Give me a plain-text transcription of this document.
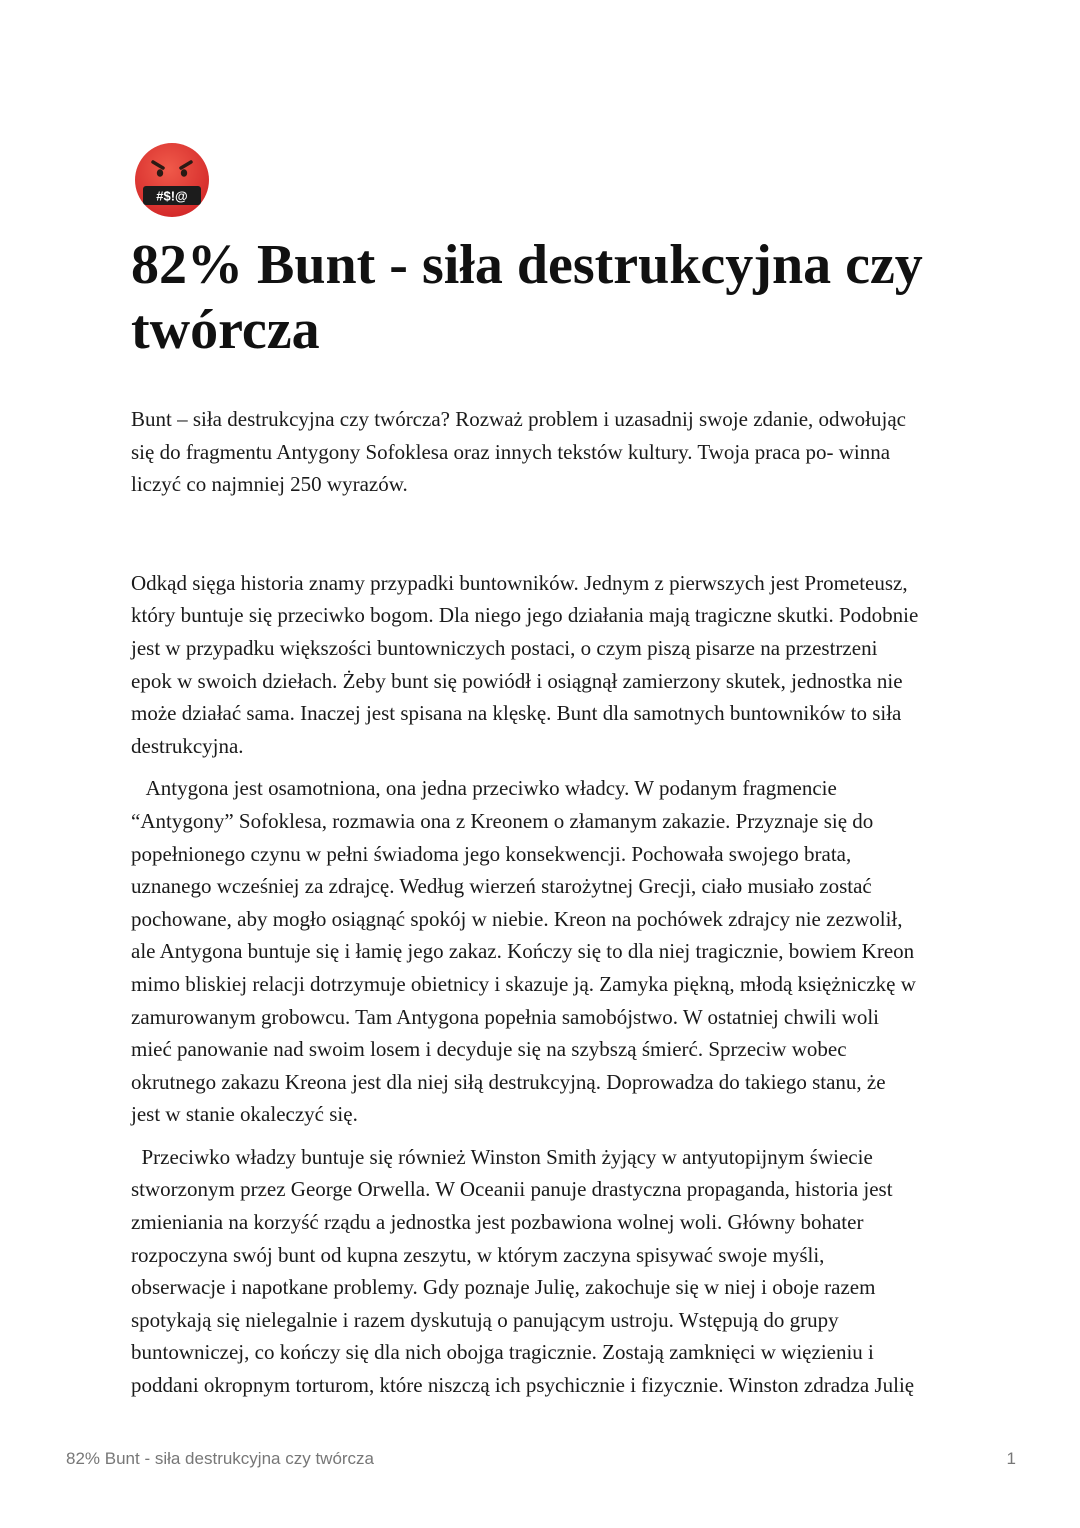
#$!@
82% Bunt - siła destrukcyjna czy twórcza

Bunt – siła destrukcyjna czy twórcza? Rozważ problem i uzasadnij swoje zdanie, odwołując
się do fragmentu Antygony Sofoklesa oraz innych tekstów kultury. Twoja praca po- winna
liczyć co najmniej 250 wyrazów.

Odkąd sięga historia znamy przypadki buntowników. Jednym z pierwszych jest Prometeusz,
który buntuje się przeciwko bogom. Dla niego jego działania mają tragiczne skutki. Podobnie
jest w przypadku większości buntowniczych postaci, o czym piszą pisarze na przestrzeni
epok w swoich dziełach. Żeby bunt się powiódł i osiągnął zamierzony skutek, jednostka nie
może działać sama. Inaczej jest spisana na klęskę. Bunt dla samotnych buntowników to siła
destrukcyjna.

Antygona jest osamotniona, ona jedna przeciwko władcy. W podanym fragmencie
“Antygony” Sofoklesa, rozmawia ona z Kreonem o złamanym zakazie. Przyznaje się do
popełnionego czynu w pełni świadoma jego konsekwencji. Pochowała swojego brata,
uznanego wcześniej za zdrajcę. Według wierzeń starożytnej Grecji, ciało musiało zostać
pochowane, aby mogło osiągnąć spokój w niebie. Kreon na pochówek zdrajcy nie zezwolił,
ale Antygona buntuje się i łamię jego zakaz. Kończy się to dla niej tragicznie, bowiem Kreon
mimo bliskiej relacji dotrzymuje obietnicy i skazuje ją. Zamyka piękną, młodą księżniczkę w
zamurowanym grobowcu. Tam Antygona popełnia samobójstwo. W ostatniej chwili woli
mieć panowanie nad swoim losem i decyduje się na szybszą śmierć. Sprzeciw wobec
okrutnego zakazu Kreona jest dla niej siłą destrukcyjną. Doprowadza do takiego stanu, że
jest w stanie okaleczyć się.

Przeciwko władzy buntuje się również Winston Smith żyjący w antyutopijnym świecie
stworzonym przez George Orwella. W Oceanii panuje drastyczna propaganda, historia jest
zmieniania na korzyść rządu a jednostka jest pozbawiona wolnej woli. Główny bohater
rozpoczyna swój bunt od kupna zeszytu, w którym zaczyna spisywać swoje myśli,
obserwacje i napotkane problemy. Gdy poznaje Julię, zakochuje się w niej i oboje razem
spotykają się nielegalnie i razem dyskutują o panującym ustroju. Wstępują do grupy
buntowniczej, co kończy się dla nich obojga tragicznie. Zostają zamknięci w więzieniu i
poddani okropnym torturom, które niszczą ich psychicznie i fizycznie. Winston zdradza Julię

82% Bunt - siła destrukcyjna czy twórcza	1
